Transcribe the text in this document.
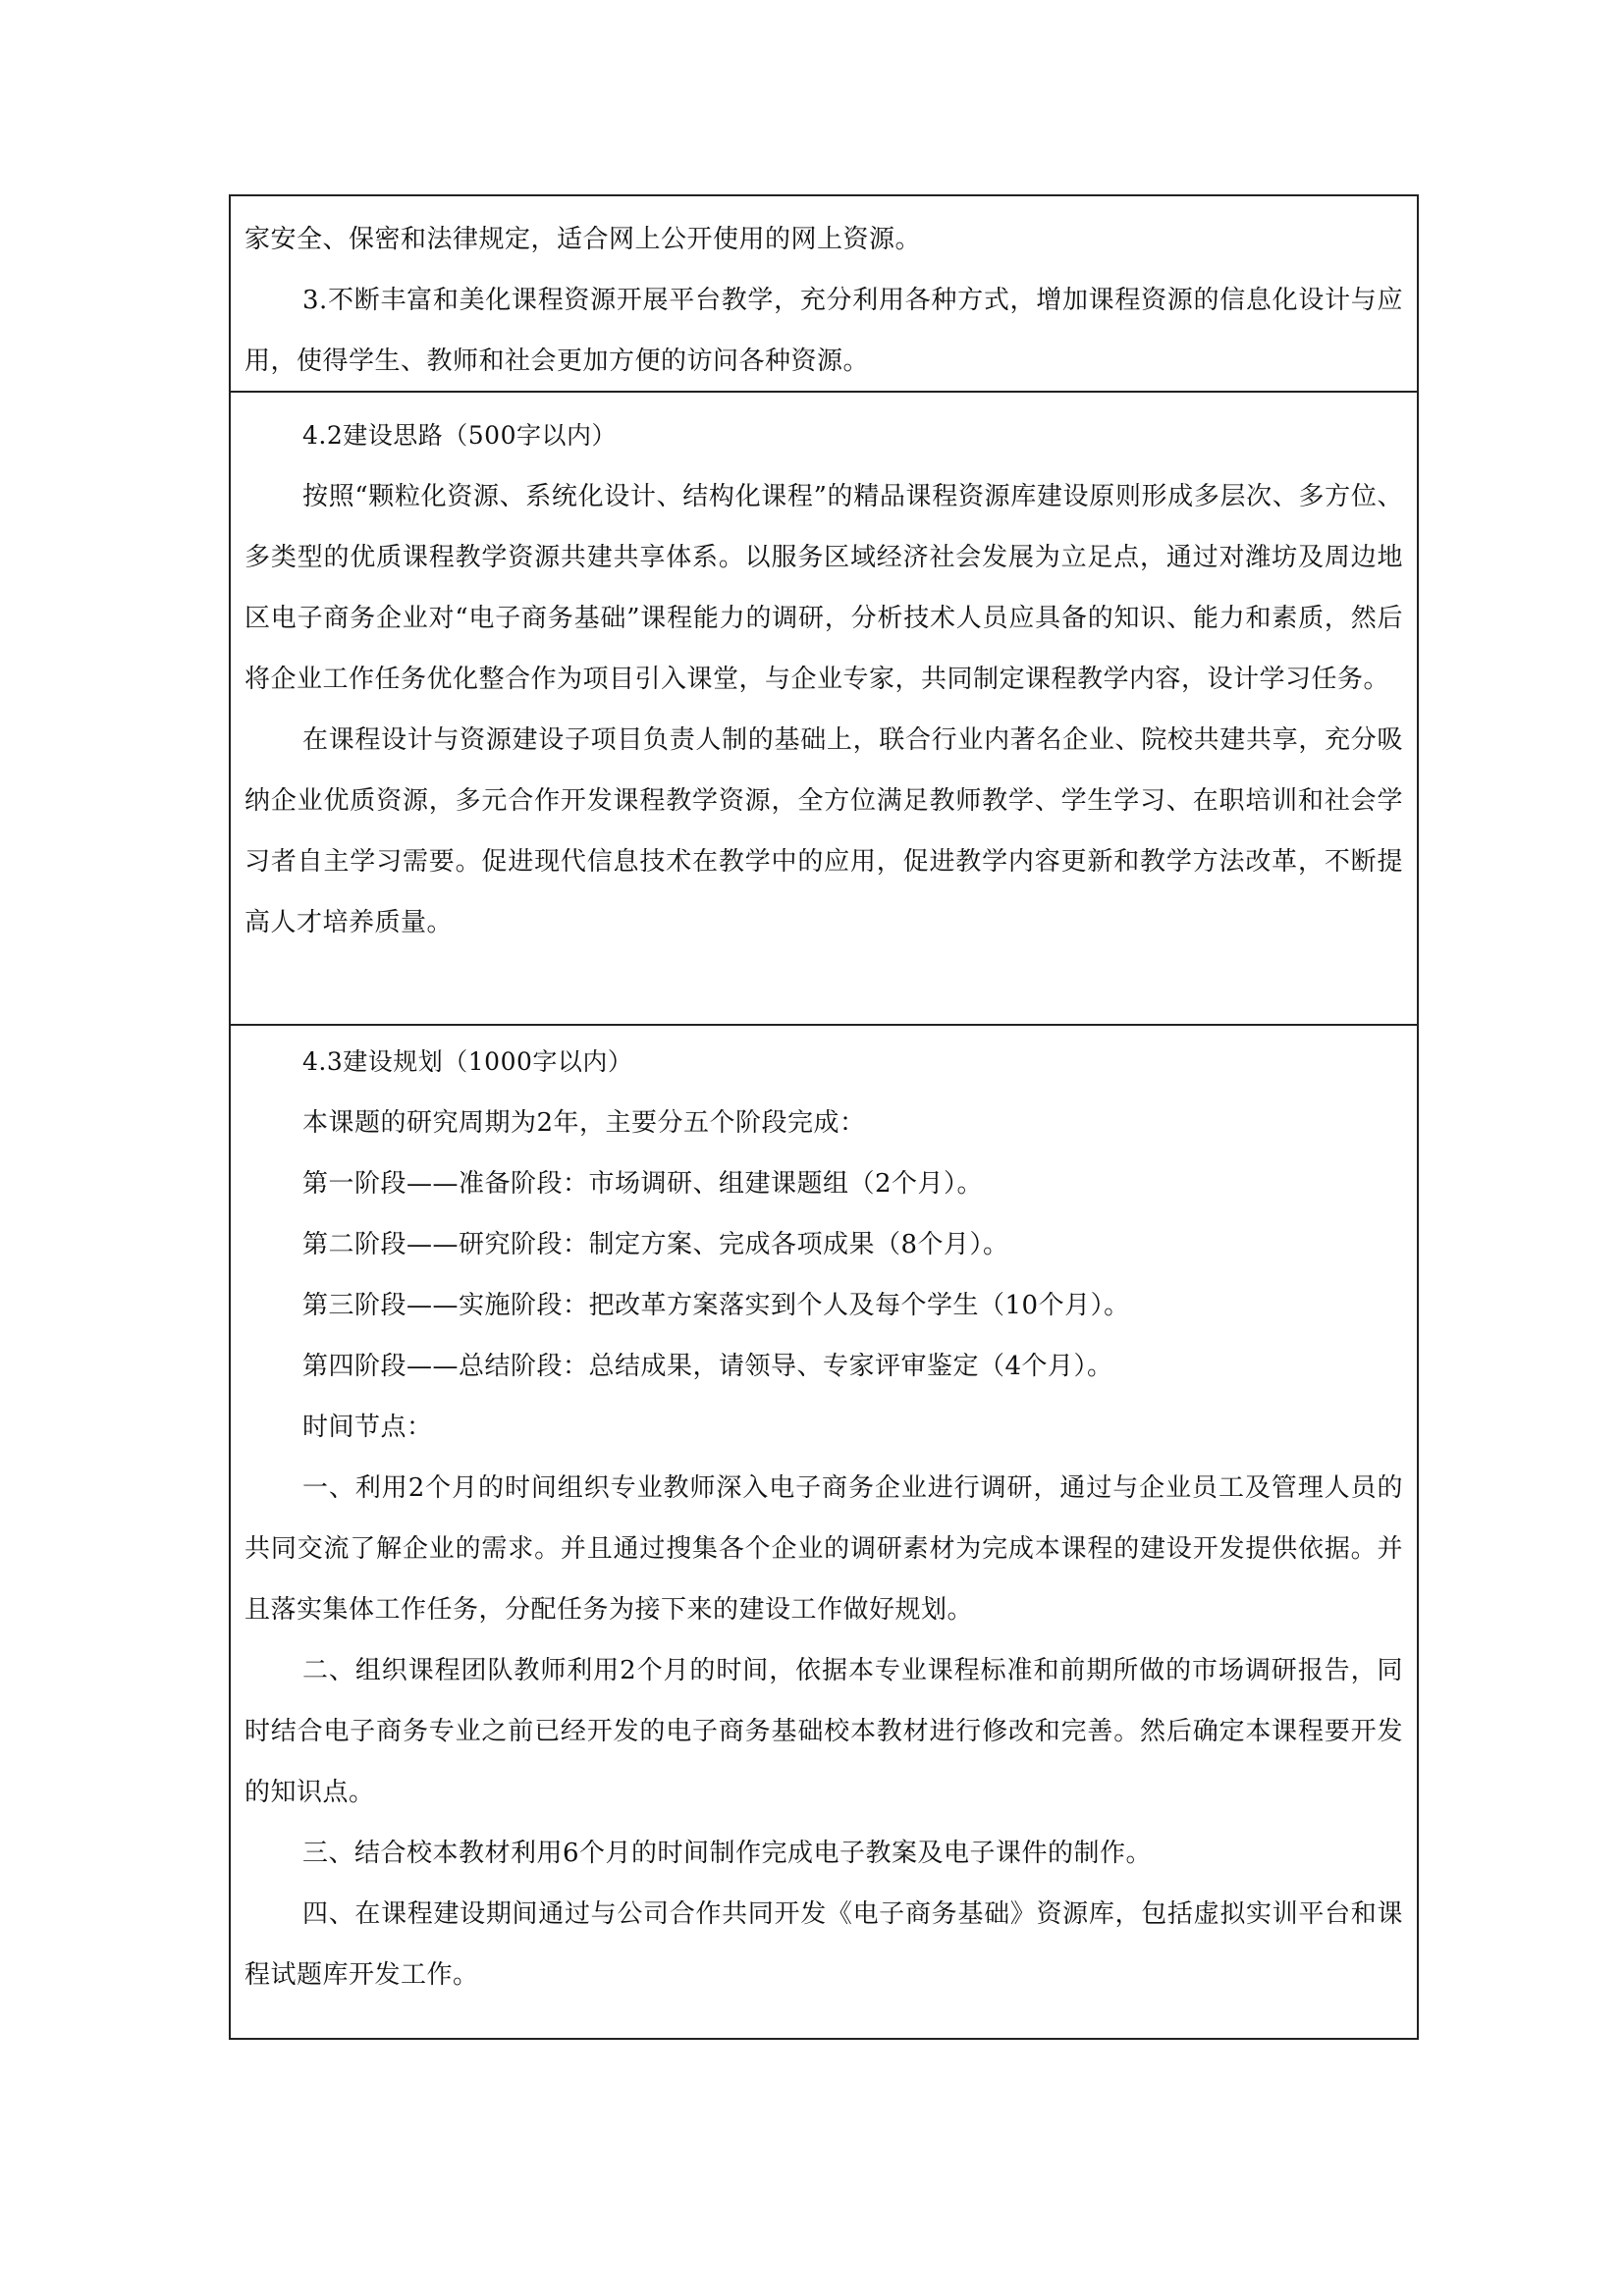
家安全、保密和法律规定，适合网上公开使用的网上资源。

3.不断丰富和美化课程资源开展平台教学，充分利用各种方式，增加课程资源的信息化设计与应用，使得学生、教师和社会更加方便的访问各种资源。

4.2建设思路（500字以内）

按照“颗粒化资源、系统化设计、结构化课程”的精品课程资源库建设原则形成多层次、多方位、多类型的优质课程教学资源共建共享体系。以服务区域经济社会发展为立足点，通过对潍坊及周边地区电子商务企业对“电子商务基础”课程能力的调研，分析技术人员应具备的知识、能力和素质，然后将企业工作任务优化整合作为项目引入课堂，与企业专家，共同制定课程教学内容，设计学习任务。

在课程设计与资源建设子项目负责人制的基础上，联合行业内著名企业、院校共建共享，充分吸纳企业优质资源，多元合作开发课程教学资源，全方位满足教师教学、学生学习、在职培训和社会学习者自主学习需要。促进现代信息技术在教学中的应用，促进教学内容更新和教学方法改革，不断提高人才培养质量。

4.3建设规划（1000字以内）

本课题的研究周期为2年，主要分五个阶段完成：

第一阶段——准备阶段：市场调研、组建课题组（2个月）。

第二阶段——研究阶段：制定方案、完成各项成果（8个月）。

第三阶段——实施阶段：把改革方案落实到个人及每个学生（10个月）。

第四阶段——总结阶段：总结成果，请领导、专家评审鉴定（4个月）。

时间节点：

一、利用2个月的时间组织专业教师深入电子商务企业进行调研，通过与企业员工及管理人员的共同交流了解企业的需求。并且通过搜集各个企业的调研素材为完成本课程的建设开发提供依据。并且落实集体工作任务，分配任务为接下来的建设工作做好规划。

二、组织课程团队教师利用2个月的时间，依据本专业课程标准和前期所做的市场调研报告，同时结合电子商务专业之前已经开发的电子商务基础校本教材进行修改和完善。然后确定本课程要开发的知识点。

三、结合校本教材利用6个月的时间制作完成电子教案及电子课件的制作。

四、在课程建设期间通过与公司合作共同开发《电子商务基础》资源库，包括虚拟实训平台和课程试题库开发工作。
